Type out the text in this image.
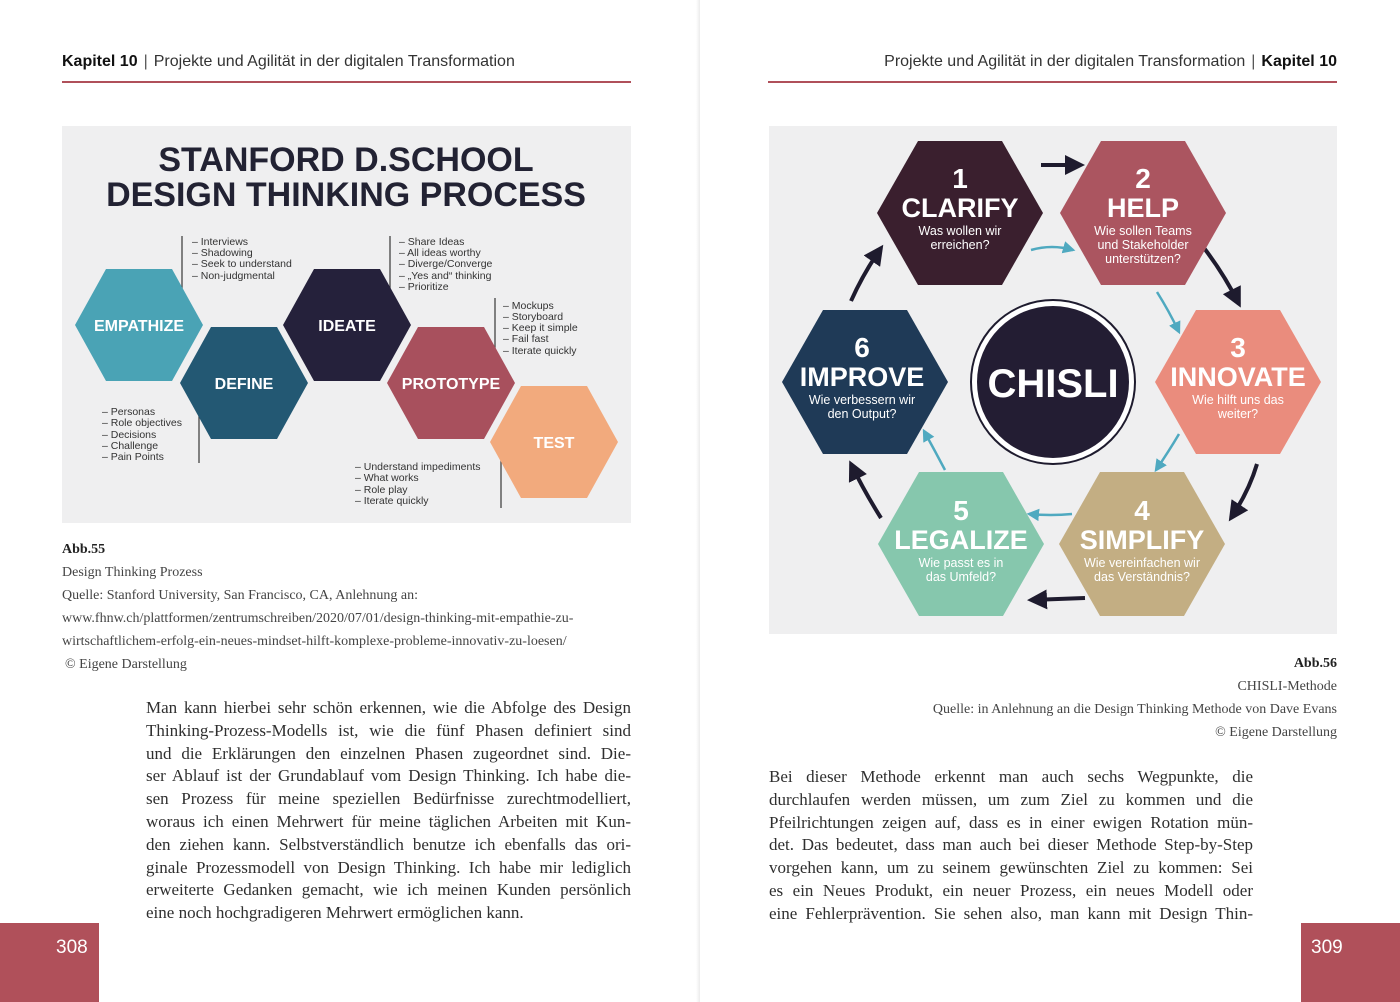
Kapitel 10 | Projekte und Agilität in der digitalen Transformation
STANFORD D.SCHOOL
DESIGN THINKING PROCESS
EMPATHIZE
DEFINE
IDEATE
PROTOTYPE
TEST
– Interviews
– Shadowing
– Seek to understand
– Non-judgmental
– Share Ideas
– All ideas worthy
– Diverge/Converge
– „Yes and“ thinking
– Prioritize
– Mockups
– Storyboard
– Keep it simple
– Fail fast
– Iterate quickly
– Personas
– Role objectives
– Decisions
– Challenge
– Pain Points
– Understand impediments
– What works
– Role play
– Iterate quickly
Abb.55
Design Thinking Prozess
Quelle: Stanford University, San Francisco, CA, Anlehnung an:
www.fhnw.ch/plattformen/zentrumschreiben/2020/07/01/design-thinking-mit-empathie-zu-
wirtschaftlichem-erfolg-ein-neues-mindset-hilft-komplexe-probleme-innovativ-zu-loesen/
© Eigene Darstellung
Man kann hierbei sehr schön erkennen, wie die Abfolge des Design
Thinking-Prozess-Modells ist, wie die fünf Phasen definiert sind
und die Erklärungen den einzelnen Phasen zugeordnet sind. Die-
ser Ablauf ist der Grundablauf vom Design Thinking. Ich habe die-
sen Prozess für meine speziellen Bedürfnisse zurechtmodelliert,
woraus ich einen Mehrwert für meine täglichen Arbeiten mit Kun-
den ziehen kann. Selbstverständlich benutze ich ebenfalls das ori-
ginale Prozessmodell von Design Thinking. Ich habe mir lediglich
erweiterte Gedanken gemacht, wie ich meinen Kunden persönlich
eine noch hochgradigeren Mehrwert ermöglichen kann.
308
Projekte und Agilität in der digitalen Transformation | Kapitel 10
CHISLI
1
CLARIFY
Was wollen wir
erreichen?
2
HELP
Wie sollen Teams
und Stakeholder
unterstützen?
3
INNOVATE
Wie hilft uns das
weiter?
4
SIMPLIFY
Wie vereinfachen wir
das Verständnis?
5
LEGALIZE
Wie passt es in
das Umfeld?
6
IMPROVE
Wie verbessern wir
den Output?
Abb.56
CHISLI-Methode
Quelle: in Anlehnung an die Design Thinking Methode von Dave Evans
© Eigene Darstellung
Bei dieser Methode erkennt man auch sechs Wegpunkte, die
durchlaufen werden müssen, um zum Ziel zu kommen und die
Pfeilrichtungen zeigen auf, dass es in einer ewigen Rotation mün-
det. Das bedeutet, dass man auch bei dieser Methode Step-by-Step
vorgehen kann, um zu seinem gewünschten Ziel zu kommen: Sei
es ein Neues Produkt, ein neuer Prozess, ein neues Modell oder
eine Fehlerprävention. Sie sehen also, man kann mit Design Thin-
309
